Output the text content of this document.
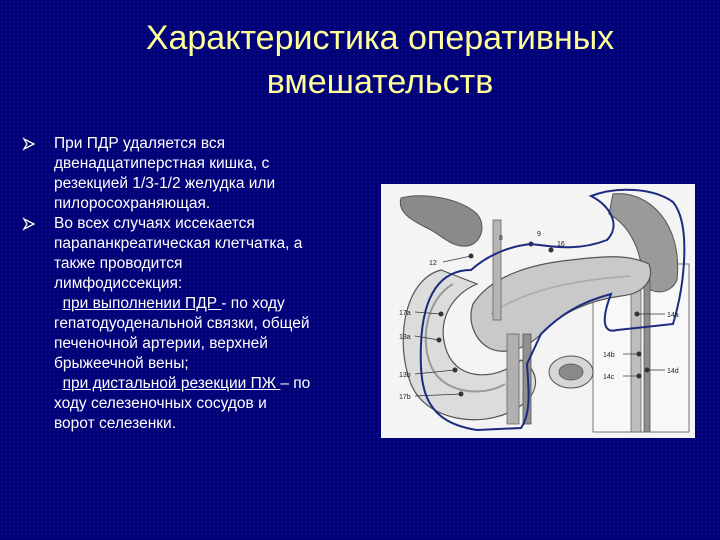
Характеристика оперативных
вмешательств
При ПДР удаляется вся
двенадцатиперстная кишка, с
резекцией 1/3-1/2 желудка или
пилоросохраняющая.
Во всех случаях иссекается
парапанкреатическая клетчатка, а
также проводится
лимфодиссекция:
при выполнении ПДР - по ходу
гепатодуоденальной связки, общей
печеночной артерии, верхней
брыжеечной вены;
при дистальной резекции ПЖ – по
ходу селезеночных сосудов и
ворот селезенки.
12
17a
13a
13b
17b
8
9
16
14a
14b
14c
14d
